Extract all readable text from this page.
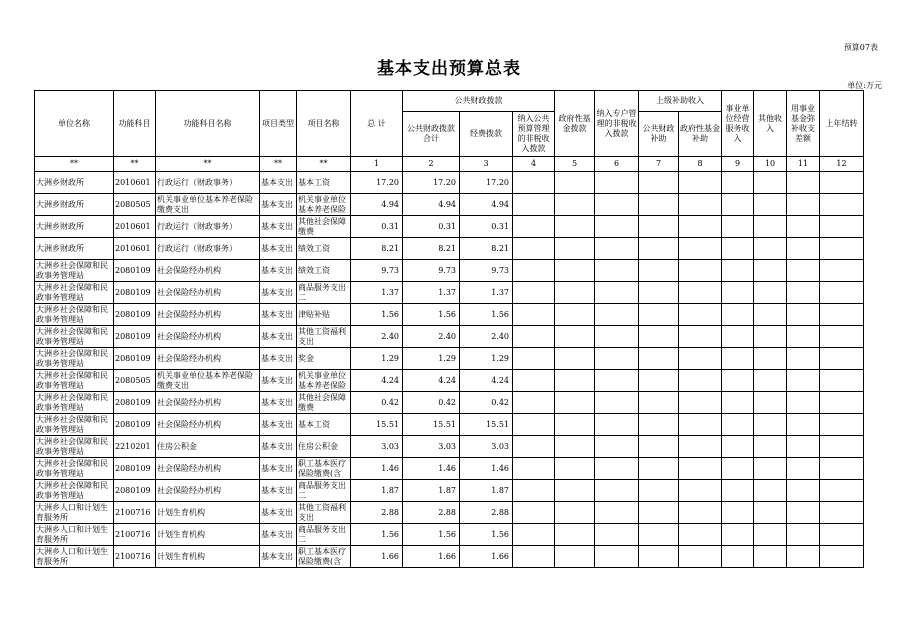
预算07表
基本支出预算总表
单位:万元
单位名称	功能科目	功能科目名称	项目类型	项目名称	总 计	公共财政拨款			政府性基金拨款	纳入专户管理的非税收入拨款	上级补助收入		事业单位经营服务收入	其他收入	用事业基金弥补收支差额	上年结转
						公共财政拨款合计	经费拨款	纳入公共预算管理的非税收入拨款			公共财政补助	政府性基金补助				
**	**	**	**	**	1	2	3	4	5	6	7	8	9	10	11	12
大洲乡财政所	2010601	行政运行（财政事务）	基本支出	基本工资	17.20	17.20	17.20									
大洲乡财政所	2080505	机关事业单位基本养老保险缴费支出	基本支出	机关事业单位基本养老保险	4.94	4.94	4.94									
大洲乡财政所	2010601	行政运行（财政事务）	基本支出	其他社会保障缴费	0.31	0.31	0.31									
大洲乡财政所	2010601	行政运行（财政事务）	基本支出	绩效工资	8.21	8.21	8.21									
大洲乡社会保障和民政事务管理站	2080109	社会保险经办机构	基本支出	绩效工资	9.73	9.73	9.73									
大洲乡社会保障和民政事务管理站	2080109	社会保险经办机构	基本支出	商品服务支出二	1.37	1.37	1.37									
大洲乡社会保障和民政事务管理站	2080109	社会保险经办机构	基本支出	津贴补贴	1.56	1.56	1.56									
大洲乡社会保障和民政事务管理站	2080109	社会保险经办机构	基本支出	其他工资福利支出	2.40	2.40	2.40									
大洲乡社会保障和民政事务管理站	2080109	社会保险经办机构	基本支出	奖金	1.29	1.29	1.29									
大洲乡社会保障和民政事务管理站	2080505	机关事业单位基本养老保险缴费支出	基本支出	机关事业单位基本养老保险	4.24	4.24	4.24									
大洲乡社会保障和民政事务管理站	2080109	社会保险经办机构	基本支出	其他社会保障缴费	0.42	0.42	0.42									
大洲乡社会保障和民政事务管理站	2080109	社会保险经办机构	基本支出	基本工资	15.51	15.51	15.51									
大洲乡社会保障和民政事务管理站	2210201	住房公积金	基本支出	住房公积金	3.03	3.03	3.03									
大洲乡社会保障和民政事务管理站	2080109	社会保险经办机构	基本支出	职工基本医疗保险缴费(含	1.46	1.46	1.46									
大洲乡社会保障和民政事务管理站	2080109	社会保险经办机构	基本支出	商品服务支出二	1.87	1.87	1.87									
大洲乡人口和计划生育服务所	2100716	计划生育机构	基本支出	其他工资福利支出	2.88	2.88	2.88									
大洲乡人口和计划生育服务所	2100716	计划生育机构	基本支出	商品服务支出二	1.56	1.56	1.56									
大洲乡人口和计划生育服务所	2100716	计划生育机构	基本支出	职工基本医疗保险缴费(含	1.66	1.66	1.66									
